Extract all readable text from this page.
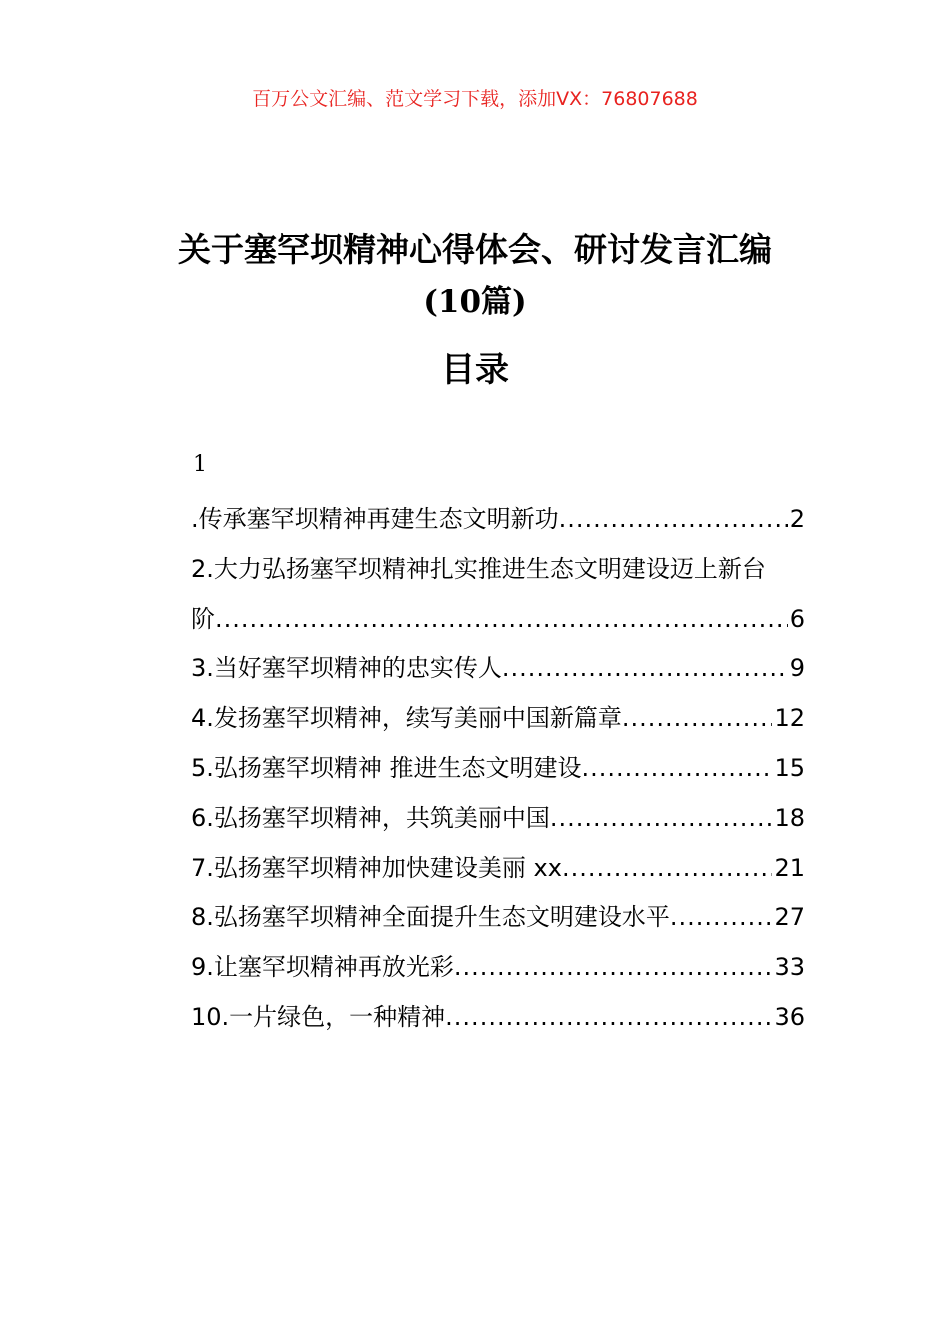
百万公文汇编、范文学习下载，添加VX：76807688
关于塞罕坝精神心得体会、研讨发言汇编
(10篇)
目录
1
.传承塞罕坝精神再建生态文明新功 .....	2
2.大力弘扬塞罕坝精神扎实推进生态文明建设迈上新台
阶 .....	6
3.当好塞罕坝精神的忠实传人 .....	9
4.发扬塞罕坝精神，续写美丽中国新篇章 .....	12
5.弘扬塞罕坝精神 推进生态文明建设 .....	15
6.弘扬塞罕坝精神，共筑美丽中国 .....	18
7.弘扬塞罕坝精神加快建设美丽 xx .....	21
8.弘扬塞罕坝精神全面提升生态文明建设水平 .....	27
9.让塞罕坝精神再放光彩 .....	33
10.一片绿色，一种精神 .....	36
